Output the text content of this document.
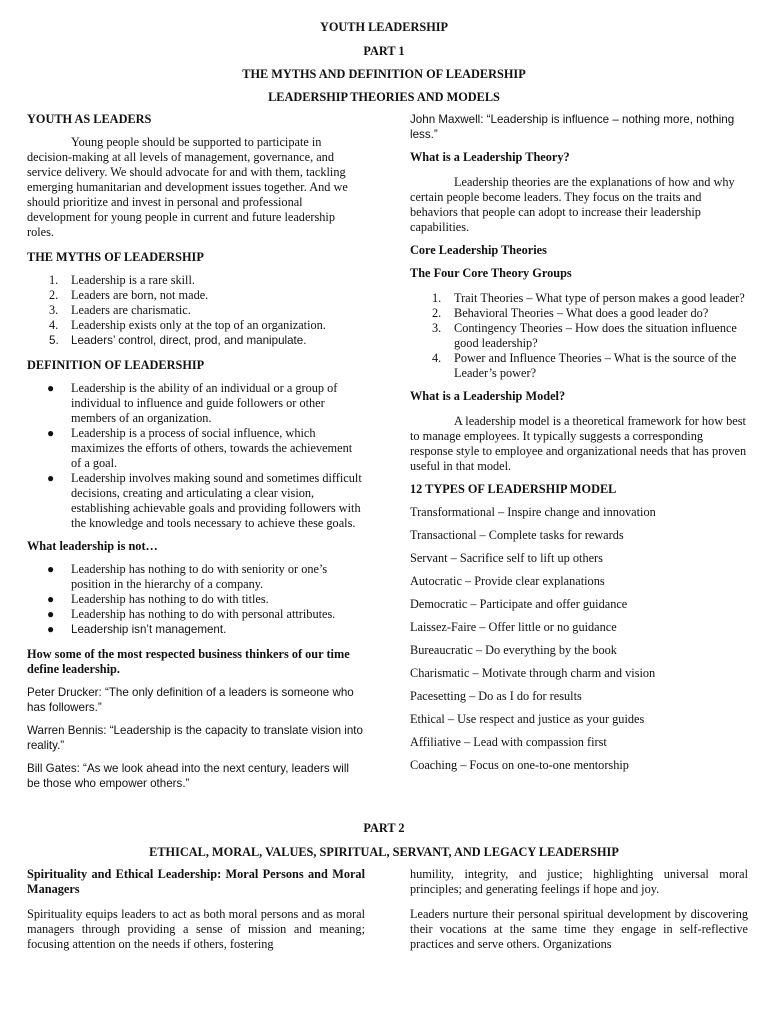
YOUTH LEADERSHIP
PART 1
THE MYTHS AND DEFINITION OF LEADERSHIP
LEADERSHIP THEORIES AND MODELS

YOUTH AS LEADERS

Young people should be supported to participate in decision-making at all levels of management, governance, and service delivery. We should advocate for and with them, tackling emerging humanitarian and development issues together. And we should prioritize and invest in personal and professional development for young people in current and future leadership roles.

THE MYTHS OF LEADERSHIP

1. Leadership is a rare skill.
2. Leaders are born, not made.
3. Leaders are charismatic.
4. Leadership exists only at the top of an organization.
5. Leaders’ control, direct, prod, and manipulate.

DEFINITION OF LEADERSHIP

● Leadership is the ability of an individual or a group of individual to influence and guide followers or other members of an organization.
● Leadership is a process of social influence, which maximizes the efforts of others, towards the achievement of a goal.
● Leadership involves making sound and sometimes difficult decisions, creating and articulating a clear vision, establishing achievable goals and providing followers with the knowledge and tools necessary to achieve these goals.

What leadership is not…

● Leadership has nothing to do with seniority or one’s position in the hierarchy of a company.
● Leadership has nothing to do with titles.
● Leadership has nothing to do with personal attributes.
● Leadership isn’t management.

How some of the most respected business thinkers of our time define leadership.

Peter Drucker: “The only definition of a leaders is someone who has followers.”

Warren Bennis: “Leadership is the capacity to translate vision into reality.”

Bill Gates: “As we look ahead into the next century, leaders will be those who empower others.”

John Maxwell: “Leadership is influence – nothing more, nothing less.”

What is a Leadership Theory?

Leadership theories are the explanations of how and why certain people become leaders. They focus on the traits and behaviors that people can adopt to increase their leadership capabilities.

Core Leadership Theories

The Four Core Theory Groups

1. Trait Theories – What type of person makes a good leader?
2. Behavioral Theories – What does a good leader do?
3. Contingency Theories – How does the situation influence good leadership?
4. Power and Influence Theories – What is the source of the Leader’s power?

What is a Leadership Model?

A leadership model is a theoretical framework for how best to manage employees. It typically suggests a corresponding response style to employee and organizational needs that has proven useful in that model.

12 TYPES OF LEADERSHIP MODEL

Transformational – Inspire change and innovation
Transactional – Complete tasks for rewards
Servant – Sacrifice self to lift up others
Autocratic – Provide clear explanations
Democratic – Participate and offer guidance
Laissez-Faire – Offer little or no guidance
Bureaucratic – Do everything by the book
Charismatic – Motivate through charm and vision
Pacesetting – Do as I do for results
Ethical – Use respect and justice as your guides
Affiliative – Lead with compassion first
Coaching – Focus on one-to-one mentorship
PART 2
ETHICAL, MORAL, VALUES, SPIRITUAL, SERVANT, AND LEGACY LEADERSHIP

Spirituality and Ethical Leadership: Moral Persons and Moral Managers

Spirituality equips leaders to act as both moral persons and as moral managers through providing a sense of mission and meaning; focusing attention on the needs if others, fostering

humility, integrity, and justice; highlighting universal moral principles; and generating feelings if hope and joy.

Leaders nurture their personal spiritual development by discovering their vocations at the same time they engage in self-reflective practices and serve others. Organizations
